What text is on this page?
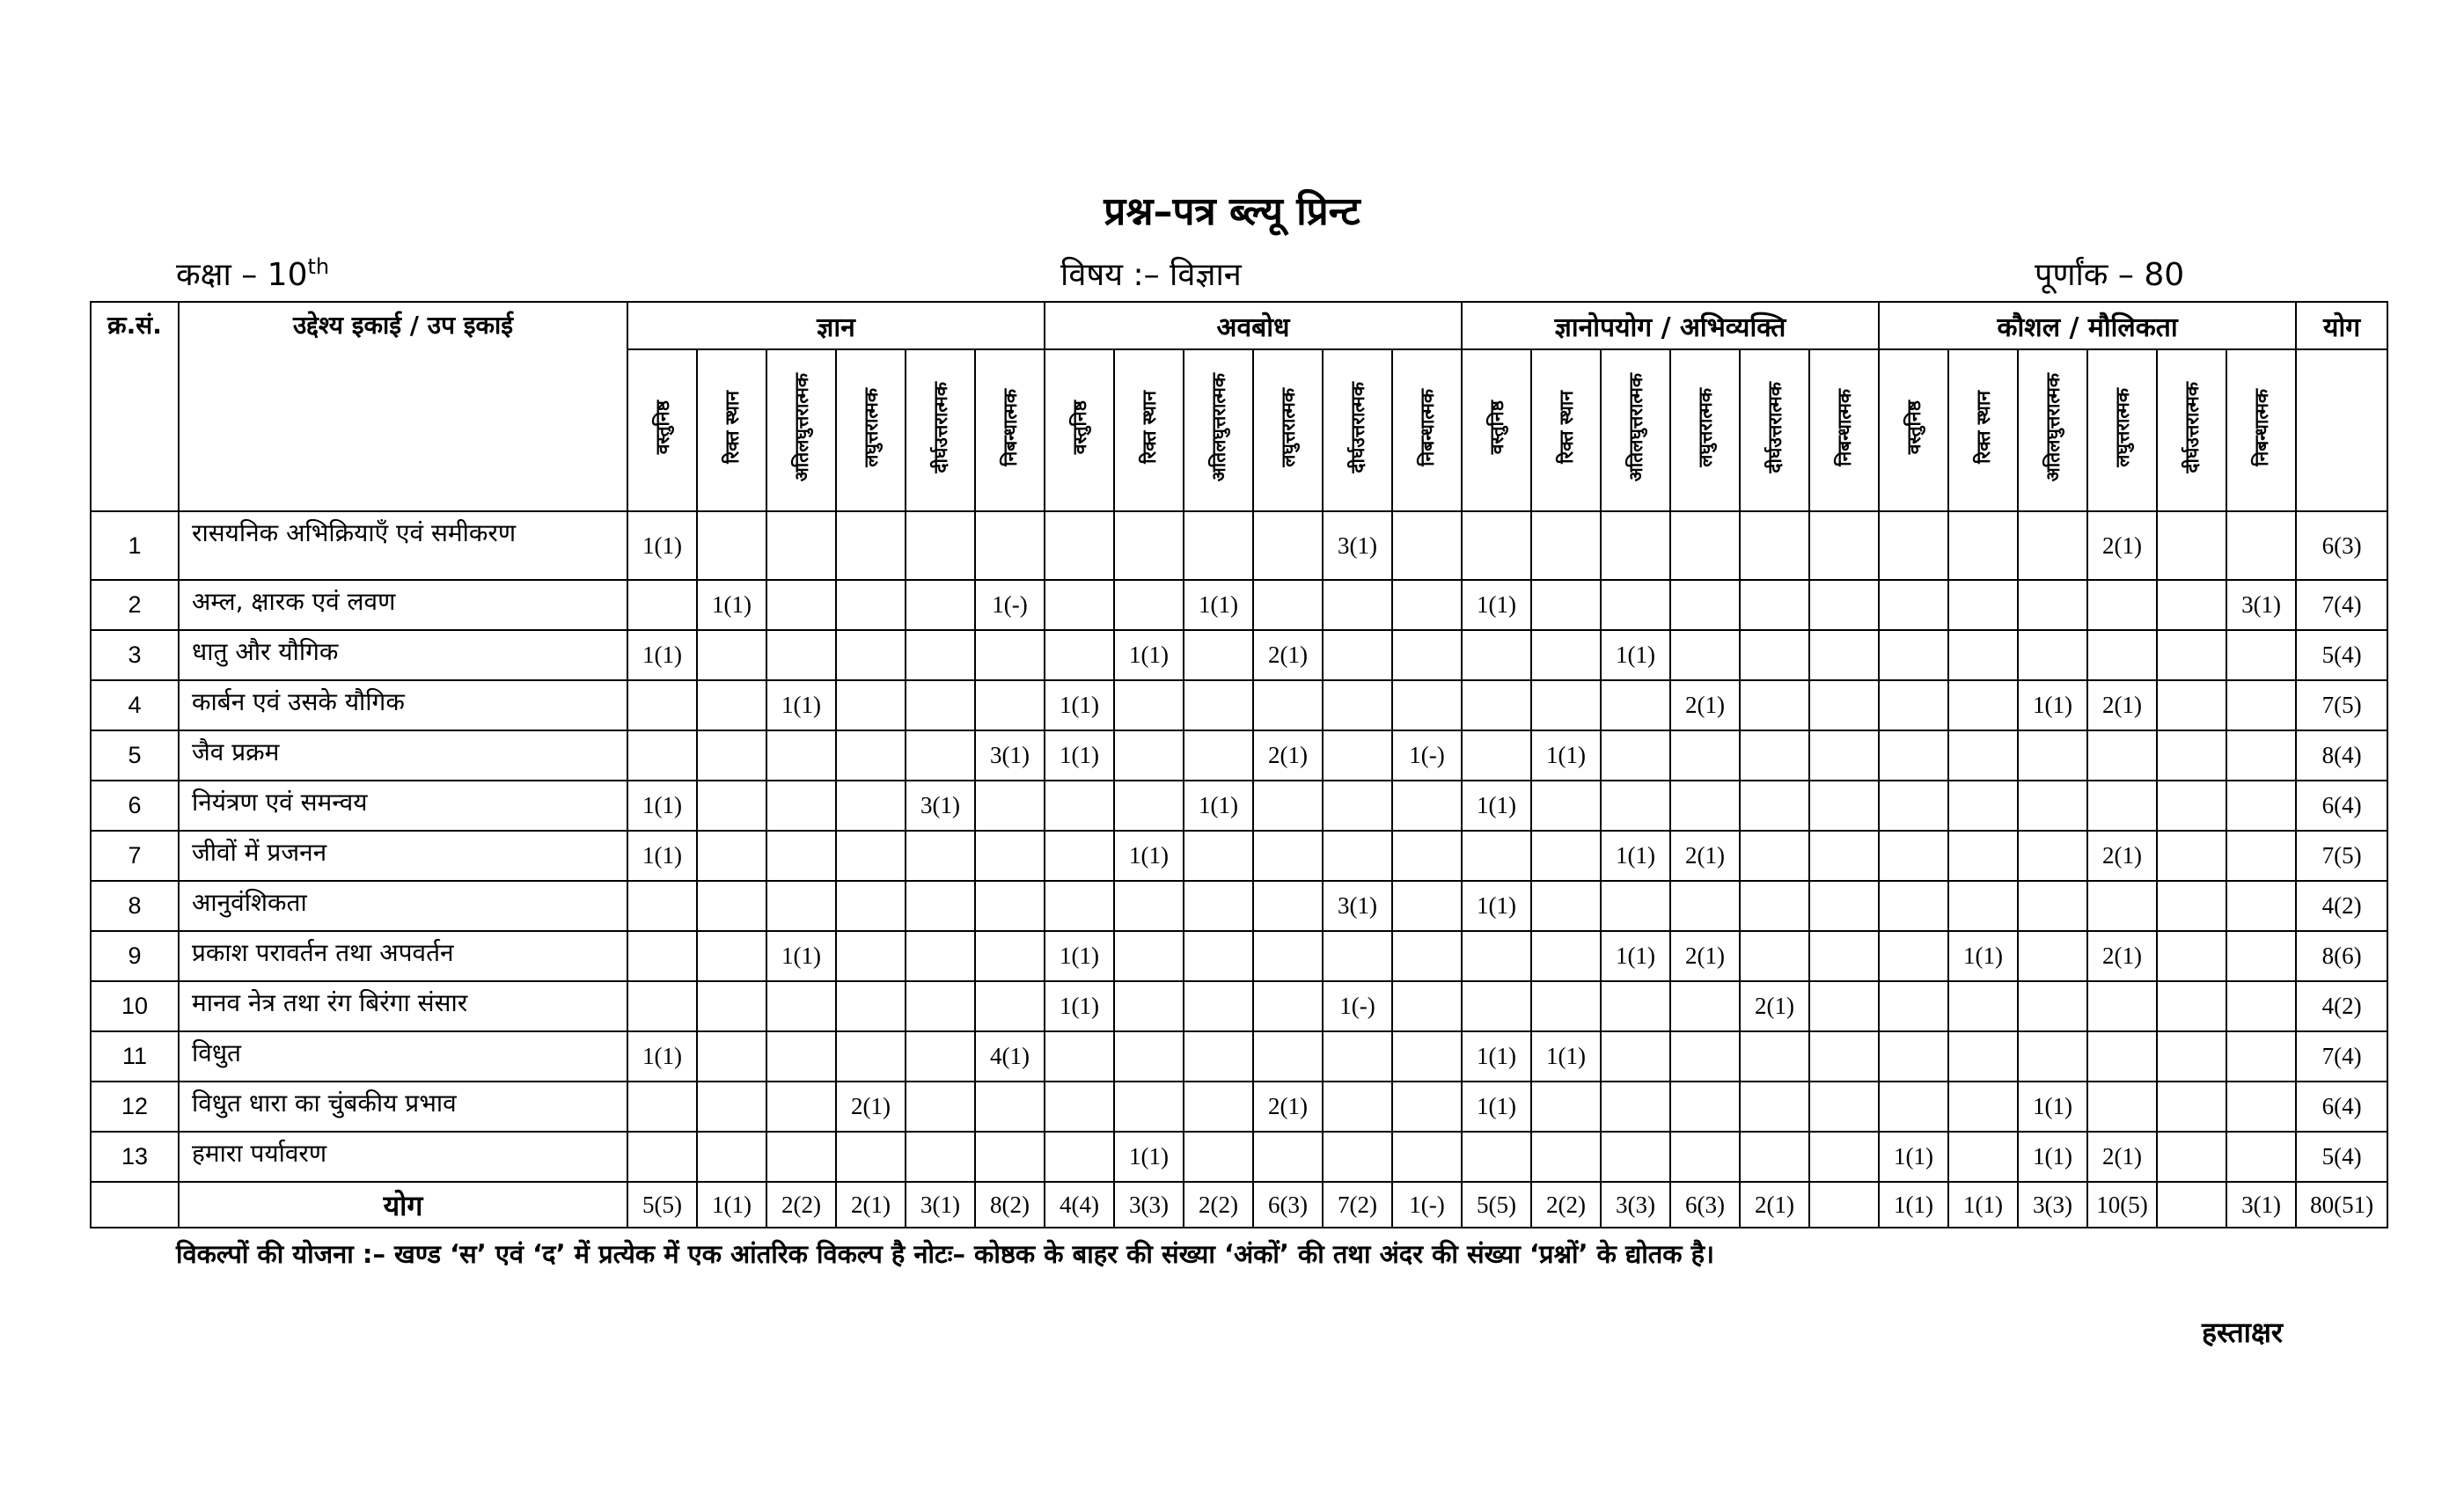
प्रश्न–पत्र ब्ल्यू प्रिन्ट
कक्षा – 10th	विषय :– विज्ञान	पूर्णांक – 80
क्र.सं.	उद्देश्य इकाई / उप इकाई	ज्ञान						अवबोध						ज्ञानोपयोग / अभिव्यक्ति						कौशल / मौलिकता						योग
		वस्तुनिष्ठ	रिक्त स्थान	अतिलघुत्तरात्मक	लघुत्तरात्मक	दीर्घउत्तरात्मक	निबन्धात्मक	वस्तुनिष्ठ	रिक्त स्थान	अतिलघुत्तरात्मक	लघुत्तरात्मक	दीर्घउत्तरात्मक	निबन्धात्मक	वस्तुनिष्ठ	रिक्त स्थान	अतिलघुत्तरात्मक	लघुत्तरात्मक	दीर्घउत्तरात्मक	निबन्धात्मक	वस्तुनिष्ठ	रिक्त स्थान	अतिलघुत्तरात्मक	लघुत्तरात्मक	दीर्घउत्तरात्मक	निबन्धात्मक	
1	रासयनिक अभिक्रियाएँ एवं समीकरण	1(1)										3(1)											2(1)			6(3)
2	अम्ल, क्षारक एवं लवण		1(1)				1(-)			1(1)				1(1)											3(1)	7(4)
3	धातु और यौगिक	1(1)							1(1)		2(1)					1(1)										5(4)
4	कार्बन एवं उसके यौगिक			1(1)				1(1)									2(1)					1(1)	2(1)			7(5)
5	जैव प्रक्रम						3(1)	1(1)			2(1)		1(-)		1(1)											8(4)
6	नियंत्रण एवं समन्वय	1(1)				3(1)				1(1)				1(1)												6(4)
7	जीवों में प्रजनन	1(1)							1(1)							1(1)	2(1)						2(1)			7(5)
8	आनुवंशिकता											3(1)		1(1)												4(2)
9	प्रकाश परावर्तन तथा अपवर्तन			1(1)				1(1)								1(1)	2(1)				1(1)		2(1)			8(6)
10	मानव नेत्र तथा रंग बिरंगा संसार							1(1)				1(-)						2(1)								4(2)
11	विधुत	1(1)					4(1)							1(1)	1(1)											7(4)
12	विधुत धारा का चुंबकीय प्रभाव				2(1)						2(1)			1(1)								1(1)				6(4)
13	हमारा पर्यावरण								1(1)											1(1)		1(1)	2(1)			5(4)
	योग	5(5)	1(1)	2(2)	2(1)	3(1)	8(2)	4(4)	3(3)	2(2)	6(3)	7(2)	1(-)	5(5)	2(2)	3(3)	6(3)	2(1)		1(1)	1(1)	3(3)	10(5)		3(1)	80(51)
विकल्पों की योजना :– खण्ड ‘स’ एवं ‘द’ में प्रत्येक में एक आंतरिक विकल्प है नोटः– कोष्ठक के बाहर की संख्या ‘अंकों’ की तथा अंदर की संख्या ‘प्रश्नों’ के द्योतक है।
हस्ताक्षर
